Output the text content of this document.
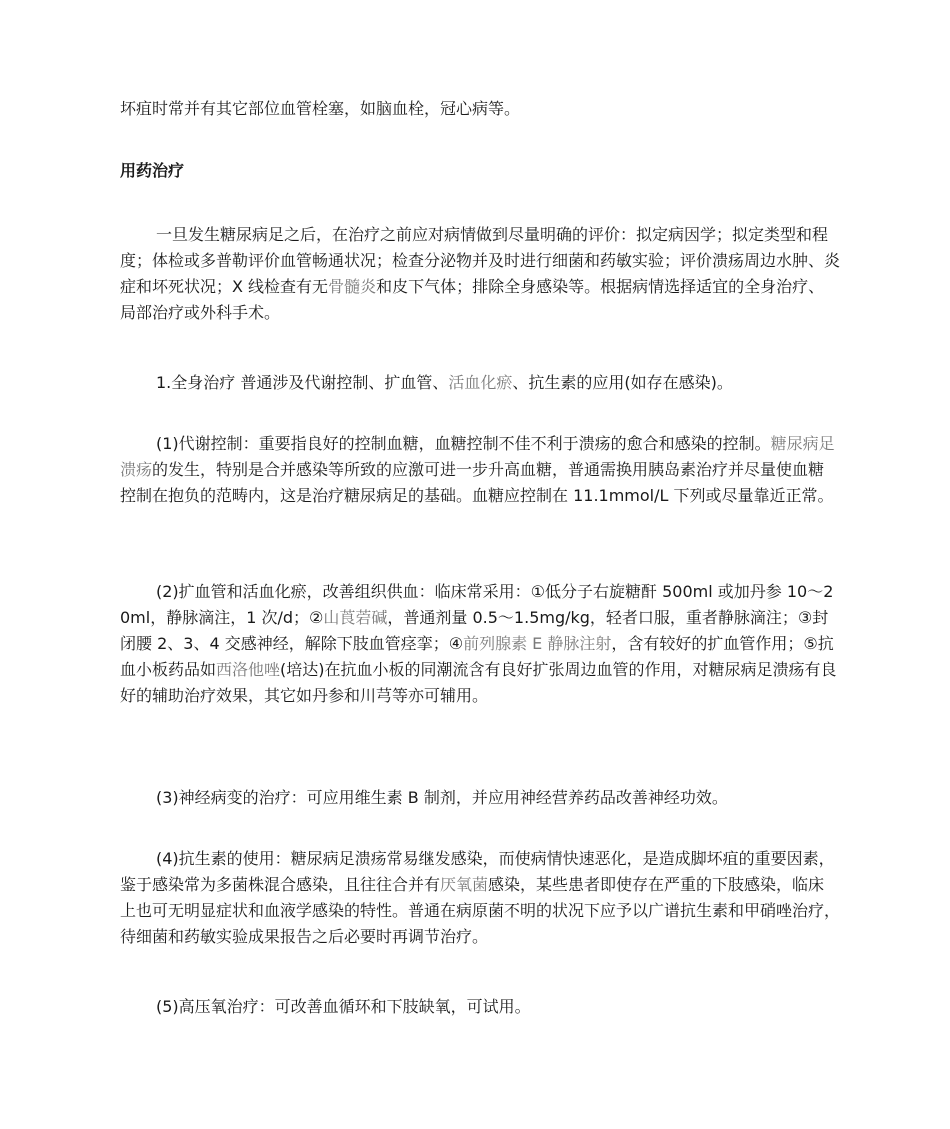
坏疽时常并有其它部位血管栓塞，如脑血栓，冠心病等。

用药治疗

一旦发生糖尿病足之后，在治疗之前应对病情做到尽量明确的评价：拟定病因学；拟定类型和程度；体检或多普勒评价血管畅通状况；检查分泌物并及时进行细菌和药敏实验；评价溃疡周边水肿、炎症和坏死状况；X 线检查有无骨髓炎和皮下气体；排除全身感染等。根据病情选择适宜的全身治疗、局部治疗或外科手术。

1.全身治疗 普通涉及代谢控制、扩血管、活血化瘀、抗生素的应用(如存在感染)。

(1)代谢控制：重要指良好的控制血糖，血糖控制不佳不利于溃疡的愈合和感染的控制。糖尿病足溃疡的发生，特别是合并感染等所致的应激可进一步升高血糖，普通需换用胰岛素治疗并尽量使血糖控制在抱负的范畴内，这是治疗糖尿病足的基础。血糖应控制在 11.1mmol/L 下列或尽量靠近正常。

(2)扩血管和活血化瘀，改善组织供血：临床常采用：①低分子右旋糖酐 500ml 或加丹参 10～20ml，静脉滴注，1 次/d；②山莨菪碱，普通剂量 0.5～1.5mg/kg，轻者口服，重者静脉滴注；③封闭腰 2、3、4 交感神经，解除下肢血管痉挛；④前列腺素 E 静脉注射，含有较好的扩血管作用；⑤抗血小板药品如西洛他唑(培达)在抗血小板的同潮流含有良好扩张周边血管的作用，对糖尿病足溃疡有良好的辅助治疗效果，其它如丹参和川芎等亦可辅用。

(3)神经病变的治疗：可应用维生素 B 制剂，并应用神经营养药品改善神经功效。

(4)抗生素的使用：糖尿病足溃疡常易继发感染，而使病情快速恶化，是造成脚坏疽的重要因素，鉴于感染常为多菌株混合感染，且往往合并有厌氧菌感染，某些患者即使存在严重的下肢感染，临床上也可无明显症状和血液学感染的特性。普通在病原菌不明的状况下应予以广谱抗生素和甲硝唑治疗，待细菌和药敏实验成果报告之后必要时再调节治疗。

(5)高压氧治疗：可改善血循环和下肢缺氧，可试用。
